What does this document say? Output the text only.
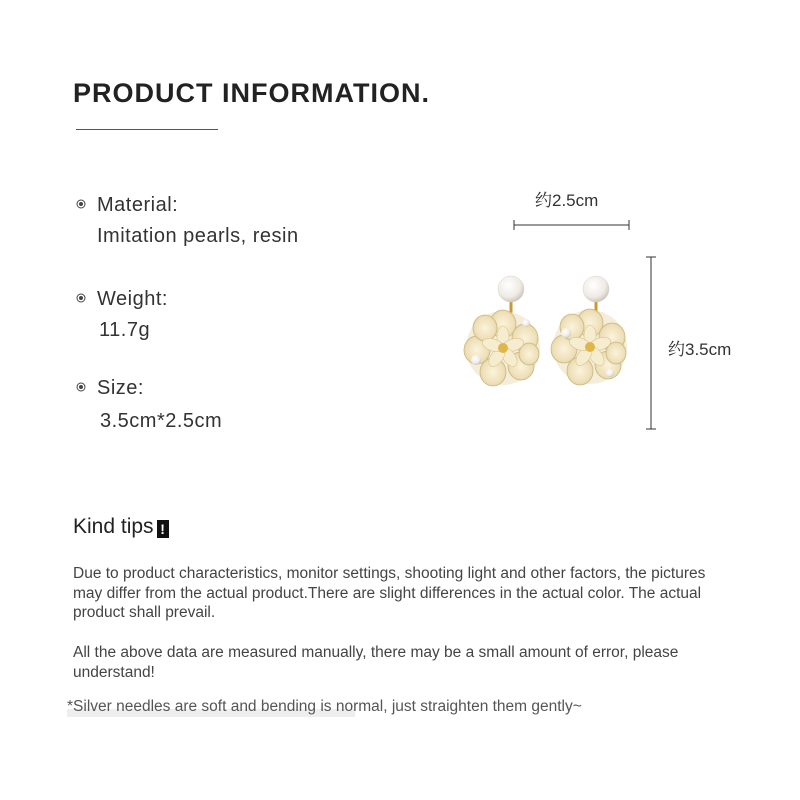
PRODUCT INFORMATION.
Material:
Imitation pearls, resin
Weight:
11.7g
Size:
3.5cm*2.5cm
约2.5cm
约3.5cm
Kind tips !

Due to product characteristics, monitor settings, shooting light and other factors, the pictures may differ from the actual product.There are slight differences in the actual color. The actual product shall prevail.

All the above data are measured manually, there may be a small amount of error, please understand!

*Silver needles are soft and bending is normal, just straighten them gently~
